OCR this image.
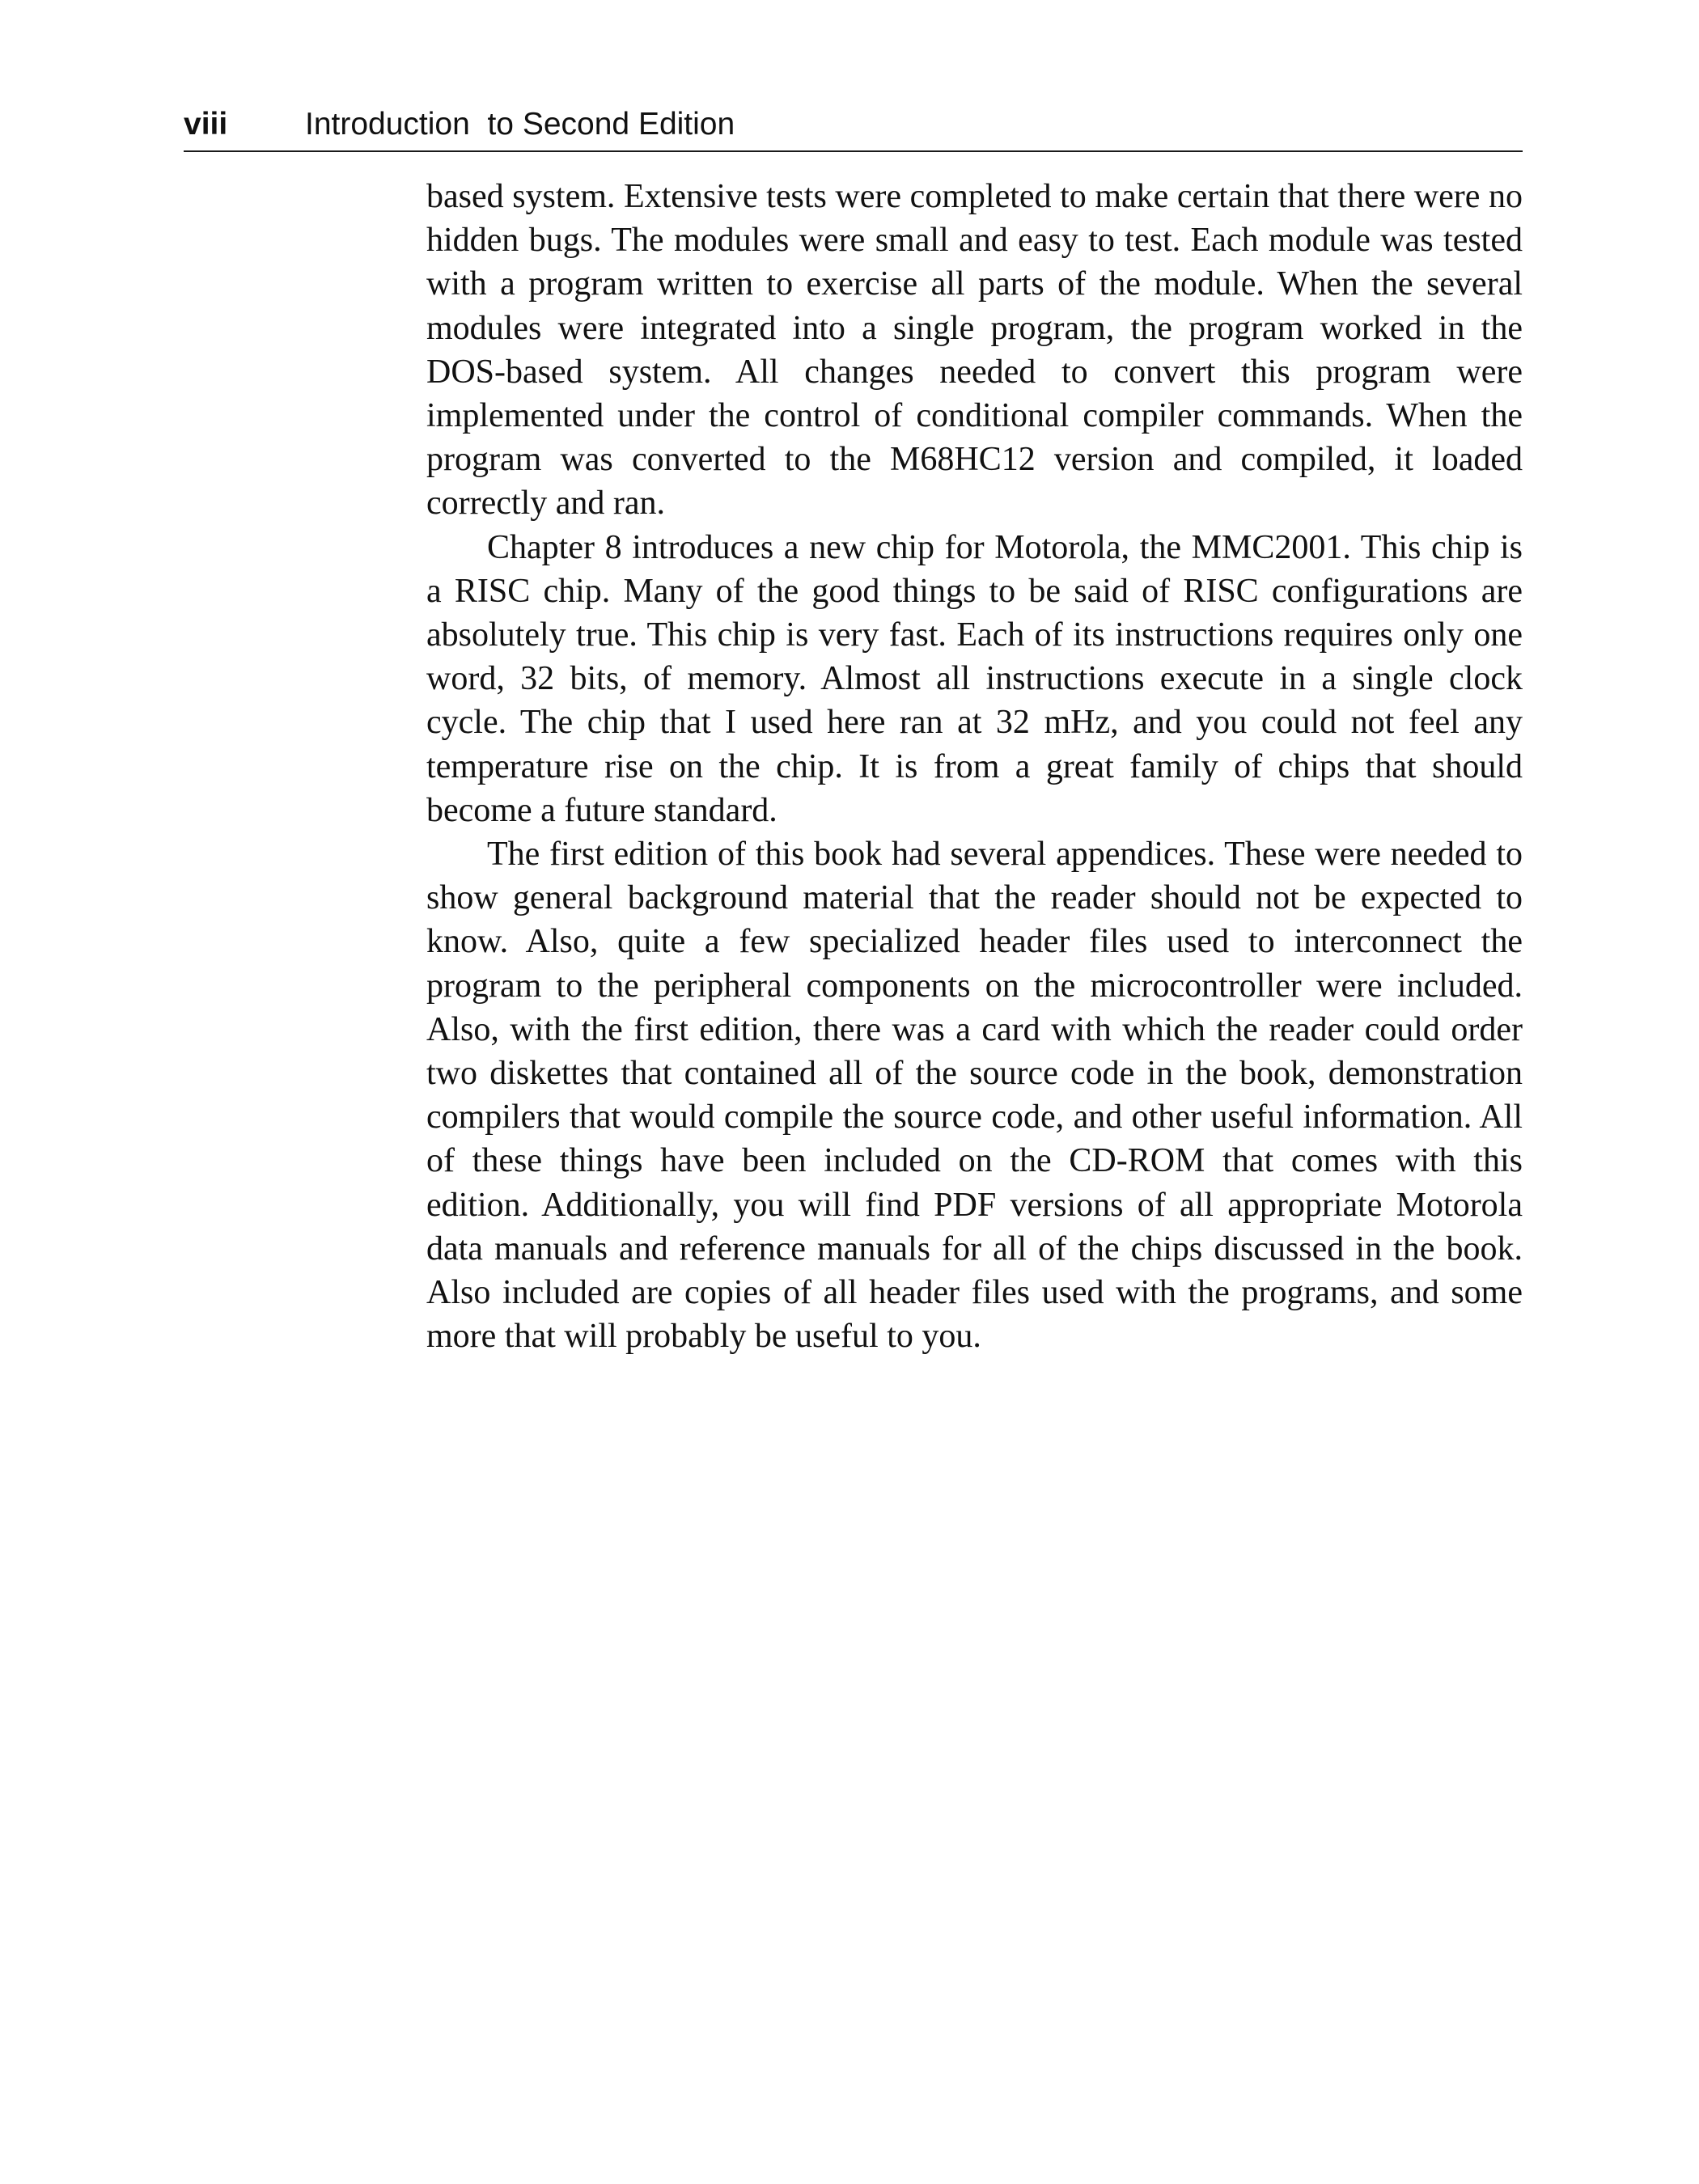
viii Introduction  to Second Edition

based system. Extensive tests were completed to make certain that there were no hidden bugs. The modules were small and easy to test. Each module was tested with a program written to exercise all parts of the module. When the several modules were integrated into a single program, the program worked in the DOS-based system. All changes needed to convert this program were implemented under the control of conditional compiler commands. When the program was converted to the M68HC12 version and compiled, it loaded correctly and ran.

Chapter 8 introduces a new chip for Motorola, the MMC2001. This chip is a RISC chip. Many of the good things to be said of RISC configurations are absolutely true. This chip is very fast. Each of its instructions requires only one word, 32 bits, of memory. Almost all instructions execute in a single clock cycle. The chip that I used here ran at 32 mHz, and you could not feel any temperature rise on the chip. It is from a great family of chips that should become a future standard.

The first edition of this book had several appendices. These were needed to show general background material that the reader should not be expected to know. Also, quite a few specialized header files used to interconnect the program to the peripheral components on the microcontroller were included. Also, with the first edition, there was a card with which the reader could order two diskettes that contained all of the source code in the book, demonstration compilers that would compile the source code, and other useful information. All of these things have been included on the CD-ROM that comes with this edition. Additionally, you will find PDF versions of all appropriate Motorola data manuals and reference manuals for all of the chips discussed in the book. Also included are copies of all header files used with the programs, and some more that will probably be useful to you.
